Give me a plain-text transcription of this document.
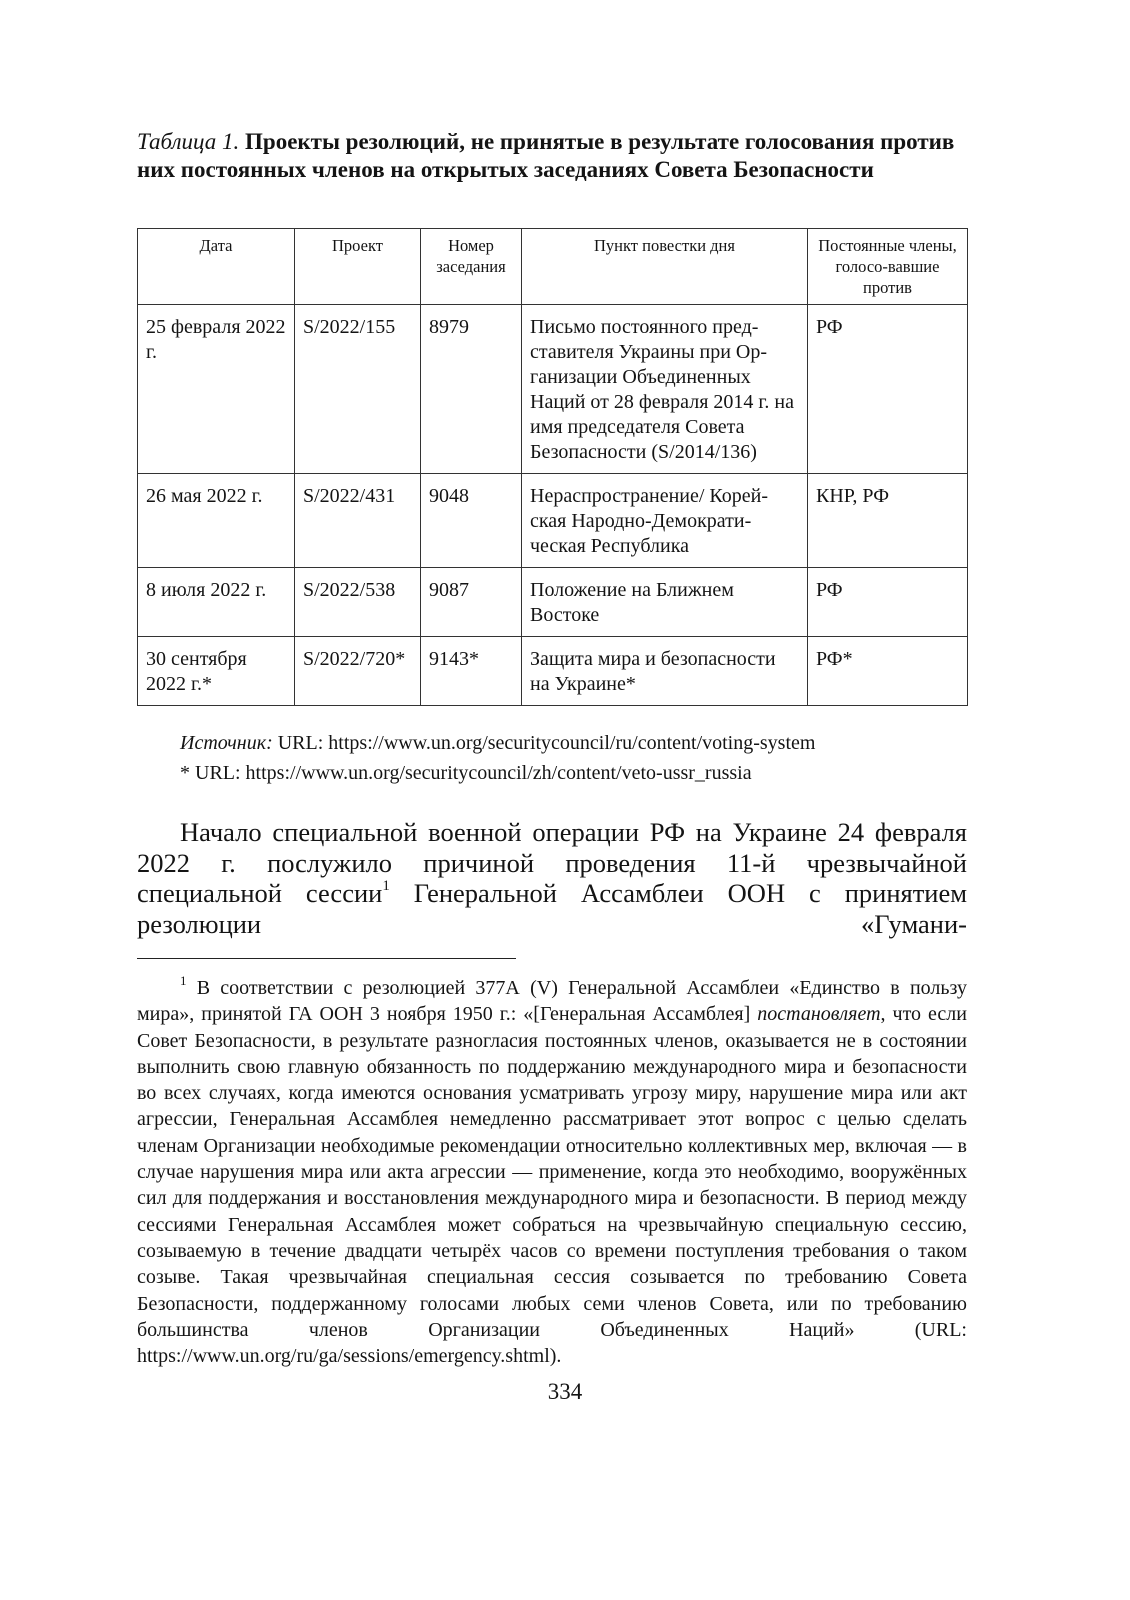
Таблица 1. Проекты резолюций, не принятые в результате голосования против них постоянных членов на открытых заседаниях Совета Безопасности
Дата	Проект	Номер заседания	Пункт повестки дня	Постоянные члены, голосо-вавшие против
25 февраля 2022 г.	S/2022/155	8979	Письмо постоянного пред-ставителя Украины при Ор-ганизации Объединенных Наций от 28 февраля 2014 г. на имя председателя Совета Безопасности (S/2014/136)	РФ
26 мая 2022 г.	S/2022/431	9048	Нераспространение/ Корей-ская Народно-Демократи-ческая Республика	КНР, РФ
8 июля 2022 г.	S/2022/538	9087	Положение на Ближнем Востоке	РФ
30 сентября 2022 г.*	S/2022/720*	9143*	Защита мира и безопасности на Украине*	РФ*
Источник: URL: https://www.un.org/securitycouncil/ru/content/voting-system
* URL: https://www.un.org/securitycouncil/zh/content/veto-ussr_russia

Начало специальной военной операции РФ на Украине 24 февраля 2022 г. послужило причиной проведения 11-й чрезвычайной специальной сессии$^1$ Генеральной Ассамблеи ООН с принятием резолюции «Гумани-

$^1$ В соответствии с резолюцией 377А (V) Генеральной Ассамблеи «Единство в пользу мира», принятой ГА ООН 3 ноября 1950 г.: «[Генеральная Ассамблея] постановляет, что если Совет Безопасности, в результате разногласия постоянных членов, оказывается не в состоянии выполнить свою главную обязанность по поддержанию международного мира и безопасности во всех случаях, когда имеются основания усматривать угрозу миру, нарушение мира или акт агрессии, Генеральная Ассамблея немедленно рассматривает этот вопрос с целью сделать членам Организации необходимые рекомендации относительно коллективных мер, включая — в случае нарушения мира или акта агрессии — применение, когда это необходимо, вооружённых сил для поддержания и восстановления международного мира и безопасности. В период между сессиями Генеральная Ассамблея может собраться на чрезвычайную специальную сессию, созываемую в течение двадцати четырёх часов со времени поступления требования о таком созыве. Такая чрезвычайная специальная сессия созывается по требованию Совета Безопасности, поддержанному голосами любых семи членов Совета, или по требованию большинства членов Организации Объединенных Наций» (URL: https://www.un.org/ru/ga/sessions/emergency.shtml).

334
